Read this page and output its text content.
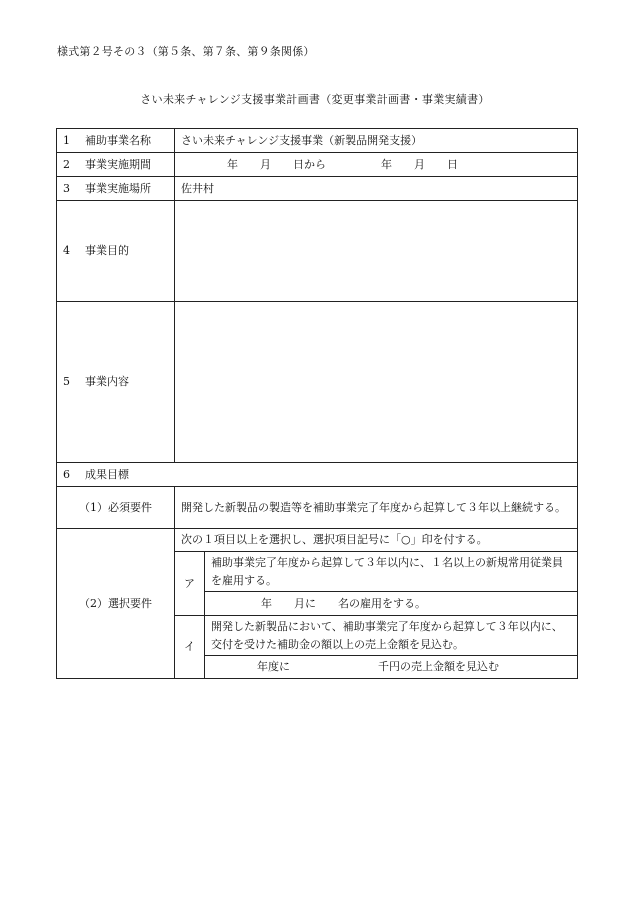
様式第２号その３（第５条、第７条、第９条関係）
さい未来チャレンジ支援事業計画書（変更事業計画書・事業実績書）
1 補助事業名称	さい未来チャレンジ支援事業（新製品開発支援）	
2 事業実施期間	年　　月　　日から　　　　　年　　月　　日	
3 事業実施場所	佐井村	
4 事業目的		
5 事業内容		
6 成果目標		
（1）必須要件	開発した新製品の製造等を補助事業完了年度から起算して３年以上継続する。	
（2）選択要件	次の１項目以上を選択し、選択項目記号に「○」印を付する。	
	ア	補助事業完了年度から起算して３年以内に、１名以上の新規常用従業員を雇用する。
		年　　月に　　名の雇用をする。
	イ	開発した新製品において、補助事業完了年度から起算して３年以内に、交付を受けた補助金の額以上の売上金額を見込む。
		年度に　　　　　　　　千円の売上金額を見込む
